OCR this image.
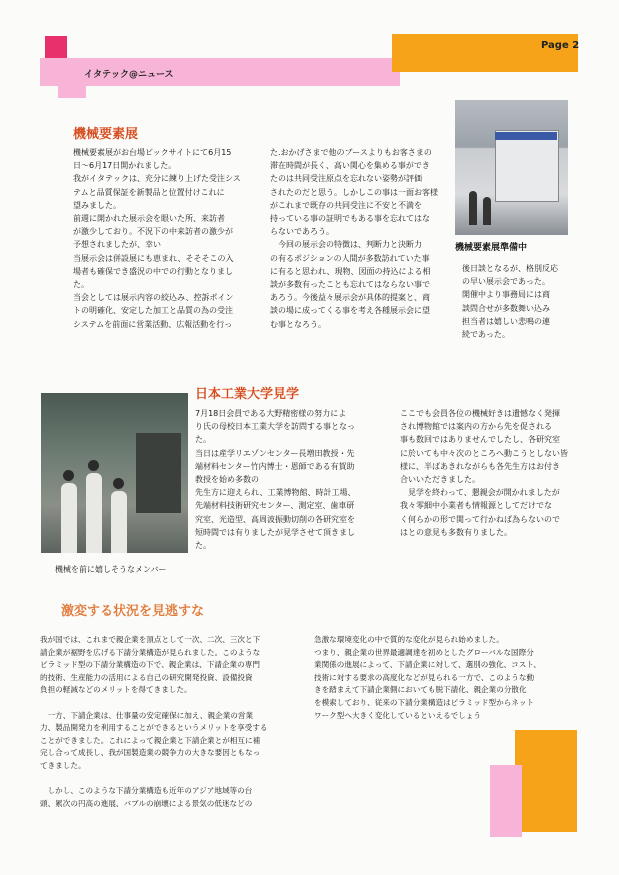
Page 2
イタテック@ニュース
機械要素展
機械要素展がお台場ビックサイトにて6月15
日～6月17日開かれました。
我がイタテックは、充分に練り上げた受注シス
テムと品質保証を新製品と位置付けこれに
望みました。
前週に開かれた展示会を眼いた所、来訪者
が激少しており。不況下の中来訪者の激少が
予想されましたが、幸い
当展示会は併設展にも恵まれ、そそそこの入
場者も確保でき盛況の中での行動となりまし
た。
当会としては展示内容の絞込み、控訴ポイン
トの明確化、安定した加工と品質の為の受注
システムを前面に営業活動、広報活動を行っ
た.おかげさまで他のブースよりもお客さまの
滞在時間が長く、高い関心を集める事ができ
たのは共同受注原点を忘れない姿勢が評価
されたのだと思う。しかしこの事は一面お客様
がこれまで既存の共同受注に不安と不満を
持っている事の証明でもある事を忘れてはな
らないであろう。
　今回の展示会の特徴は、判断力と決断力
の有るポジションの人間が多数訪れていた事
に有ると思われ、現物、図面の持込による相
談が多数有ったことも忘れてはならない事で
あろう。今後益々展示会が具体的提案と、商
談の場に成ってくる事を考え各種展示会に望
む事となろう。
機械要素展準備中
後日談となるが、格別反応
の早い展示会であった。
開催中より事務局には商
談問合せが多数舞い込み
担当者は嬉しい悲鳴の連
続であった。
日本工業大学見学
機械を前に嬉しそうなメンバー
7月18日会員である大野精密様の努力によ
り氏の母校日本工業大学を訪問する事となっ
た。
当日は産学リエゾンセンター長増田教授・先
端材料センター竹内博士・恩師である有賀助
教授を始め多数の
先生方に迎えられ、工業博物館、時計工場、
先端材料技術研究センター、測定室、歯車研
究室、光造型、高周波振動切削の各研究室を
短時間では有りましたが見学させて頂きまし
た。
ここでも会員各位の機械好きは遺憾なく発揮
され博物館では案内の方から先を促される
事も数回ではありませんでしたし、各研究室
に於いても中々次のところへ動こうとしない皆
様に、半ばあきれながらも各先生方はお付き
合いいただきました。
　見学を終わって、懇親会が開かれましたが
我々零細中小業者も情報源としてだけでな
く何らかの形で関って行かねば為らないので
はとの意見も多数有りました。
激変する状況を見逃すな
我が国では、これまで親企業を頂点として一次、二次、三次と下
請企業が裾野を広げる下請分業構造が見られました。このような
ピラミッド型の下請分業構造の下で、親企業は、下請企業の専門
的技術、生産能力の活用による自己の研究開発投資、設備投資
負担の軽減などのメリットを得てきました。

　一方、下請企業は、仕事量の安定確保に加え、親企業の営業
力、製品開発力を利用することができるというメリットを享受する
ことができました。これによって親企業と下請企業とが相互に補
完し合って成長し、我が国製造業の競争力の大きな要因ともなっ
てきました。

　しかし、このような下請分業構造も近年のアジア地域等の台
頭、累次の円高の進展、バブルの崩壊による景気の低迷などの
急激な環境変化の中で質的な変化が見られ始めました。
つまり、親企業の世界最適調達を初めとしたグローバルな国際分
業関係の進展によって、下請企業に対して、選別の強化、コスト、
技術に対する要求の高度化などが見られる一方で、このような動
きを踏まえて下請企業側においても脱下請化、親企業の分散化
を模索しており、従来の下請分業構造はピラミッド型からネット
ワーク型へ大きく変化しているといえるでしょう
